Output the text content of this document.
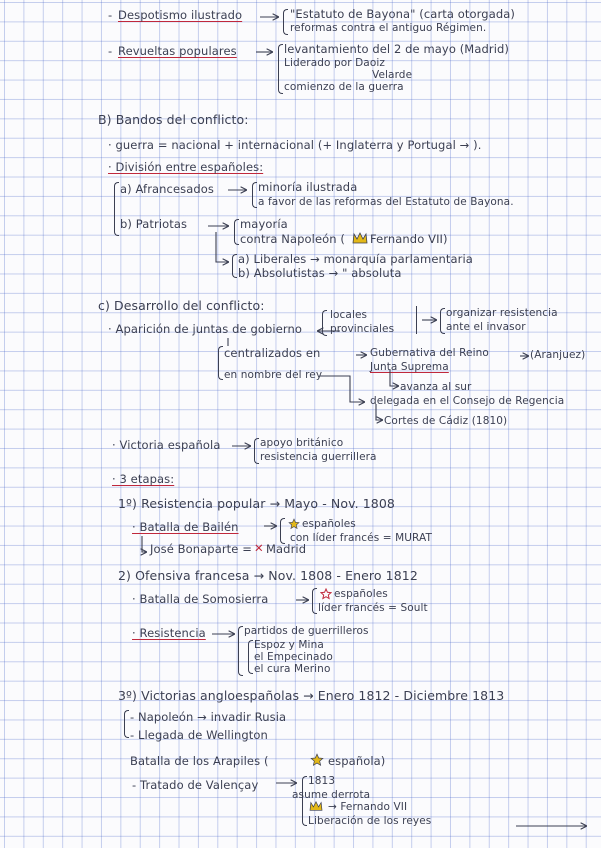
- Despotismo ilustrado	"Estatuto de Bayona" (carta otorgada)
reformas contra el antiguo Régimen.
- Revueltas populares	levantamiento del 2 de mayo (Madrid)
Liderado por Daoiz
Velarde
comienzo de la guerra
B) Bandos del conflicto:
· guerra = nacional + internacional (+ Inglaterra y Portugal → ).
· División entre españoles:
a) Afrancesados	minoría ilustrada
a favor de las reformas del Estatuto de Bayona.
b) Patriotas	mayoría
contra Napoleón ( Fernando VII)
a) Liberales → monarquía parlamentaria
b) Absolutistas → " absoluta
c) Desarrollo del conflicto:
· Aparición de juntas de gobierno
locales
provinciales
organizar resistencia
ante el invasor
centralizados en
en nombre del rey
Gubernativa del Reino	(Aranjuez)
Junta Suprema
avanza al sur
delegada en el Consejo de Regencia
Cortes de Cádiz (1810)
· Victoria española	apoyo británico
resistencia guerrillera
· 3 etapas:
1º) Resistencia popular → Mayo - Nov. 1808
· Batalla de Bailén	españoles
con líder francés = MURAT
José Bonaparte = ✕ Madrid
2) Ofensiva francesa → Nov. 1808 - Enero 1812
· Batalla de Somosierra	españoles
líder francés = Soult
· Resistencia	partidos de guerrilleros
Espoz y Mina
el Empecinado
el cura Merino
3º) Victorias angloespañolas → Enero 1812 - Diciembre 1813
- Napoleón → invadir Rusia
- Llegada de Wellington
Batalla de los Arapiles (	española)
- Tratado de Valençay	1813
asume derrota
→ Fernando VII
Liberación de los reyes
